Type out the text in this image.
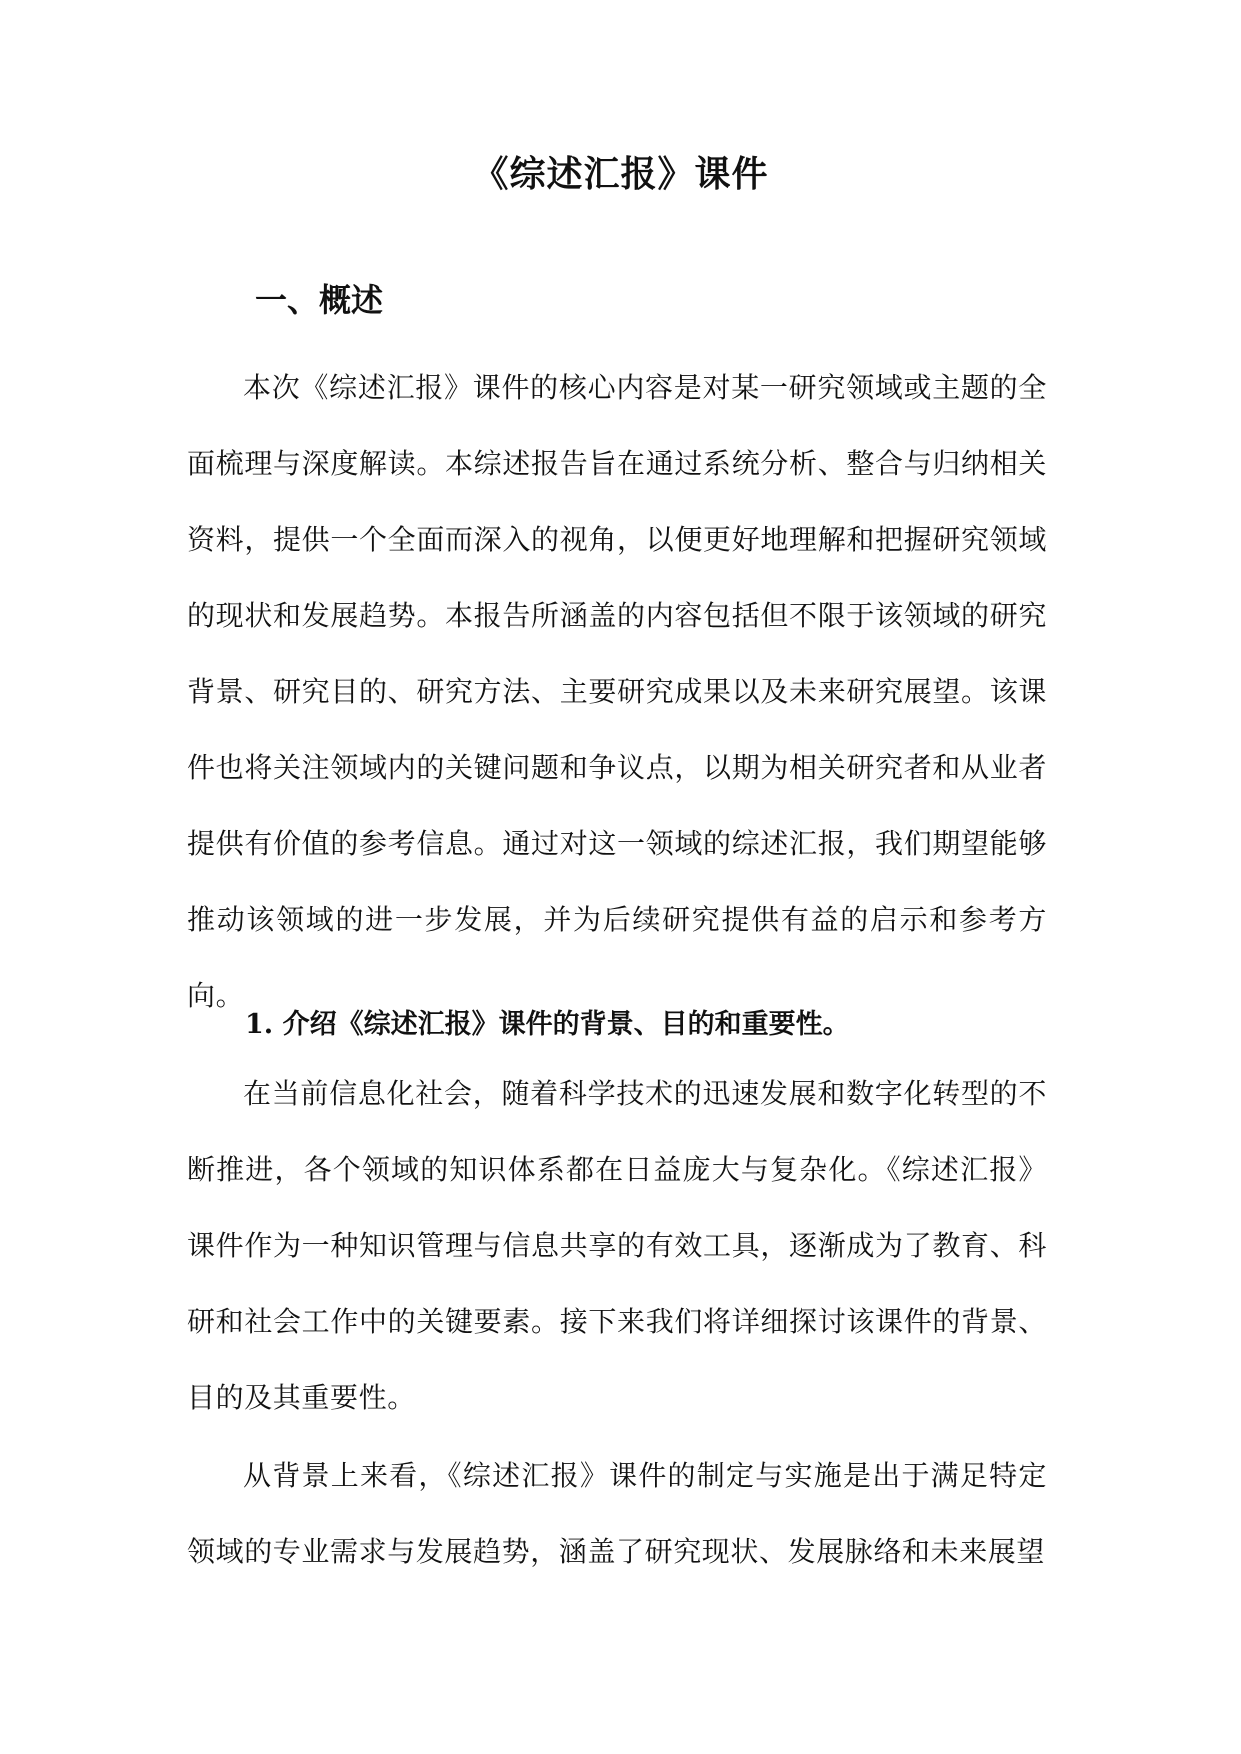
《综述汇报》课件
一、概述

本次《综述汇报》课件的核心内容是对某一研究领域或主题的全面梳理与深度解读。本综述报告旨在通过系统分析、整合与归纳相关资料，提供一个全面而深入的视角，以便更好地理解和把握研究领域的现状和发展趋势。本报告所涵盖的内容包括但不限于该领域的研究背景、研究目的、研究方法、主要研究成果以及未来研究展望。该课件也将关注领域内的关键问题和争议点，以期为相关研究者和从业者提供有价值的参考信息。通过对这一领域的综述汇报，我们期望能够推动该领域的进一步发展，并为后续研究提供有益的启示和参考方向。

1. 介绍《综述汇报》课件的背景、目的和重要性。

在当前信息化社会，随着科学技术的迅速发展和数字化转型的不断推进，各个领域的知识体系都在日益庞大与复杂化。《综述汇报》课件作为一种知识管理与信息共享的有效工具，逐渐成为了教育、科研和社会工作中的关键要素。接下来我们将详细探讨该课件的背景、目的及其重要性。

从背景上来看，《综述汇报》课件的制定与实施是出于满足特定领域的专业需求与发展趋势，涵盖了研究现状、发展脉络和未来展望
